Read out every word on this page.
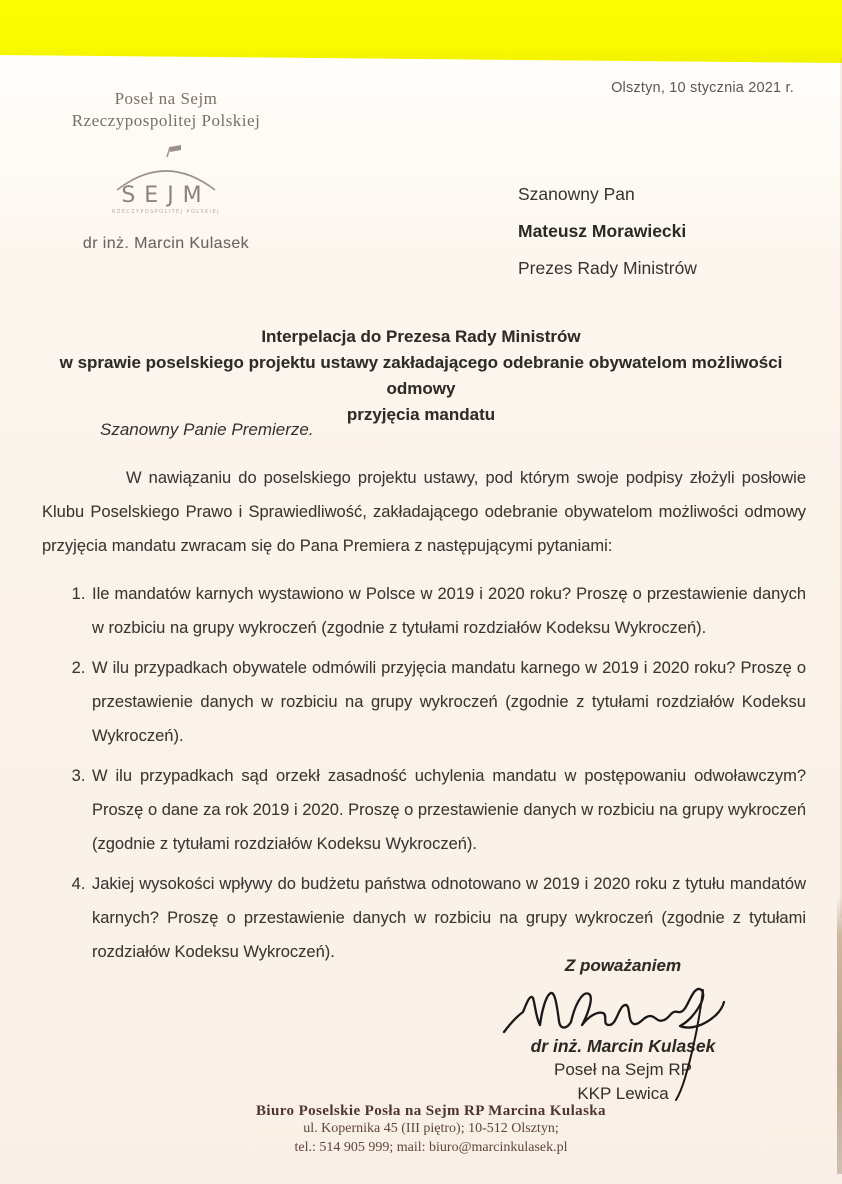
Poseł na Sejm
Rzeczypospolitej Polskiej
SEJM
RZECZYPOSPOLITEJ POLSKIEJ
dr inż. Marcin Kulasek
Olsztyn, 10 stycznia 2021 r.
Szanowny Pan
Mateusz Morawiecki
Prezes Rady Ministrów
Interpelacja do Prezesa Rady Ministrów
w sprawie poselskiego projektu ustawy zakładającego odebranie obywatelom możliwości odmowy
przyjęcia mandatu
Szanowny Panie Premierze.
W nawiązaniu do poselskiego projektu ustawy, pod którym swoje podpisy złożyli posłowie Klubu Poselskiego Prawo i Sprawiedliwość, zakładającego odebranie obywatelom możliwości odmowy przyjęcia mandatu zwracam się do Pana Premiera z następującymi pytaniami:
1. Ile mandatów karnych wystawiono w Polsce w 2019 i 2020 roku? Proszę o przestawienie danych w rozbiciu na grupy wykroczeń (zgodnie z tytułami rozdziałów Kodeksu Wykroczeń).
2. W ilu przypadkach obywatele odmówili przyjęcia mandatu karnego w 2019 i 2020 roku? Proszę o przestawienie danych w rozbiciu na grupy wykroczeń (zgodnie z tytułami rozdziałów Kodeksu Wykroczeń).
3. W ilu przypadkach sąd orzekł zasadność uchylenia mandatu w postępowaniu odwoławczym? Proszę o dane za rok 2019 i 2020. Proszę o przestawienie danych w rozbiciu na grupy wykroczeń (zgodnie z tytułami rozdziałów Kodeksu Wykroczeń).
4. Jakiej wysokości wpływy do budżetu państwa odnotowano w 2019 i 2020 roku z tytułu mandatów karnych? Proszę o przestawienie danych w rozbiciu na grupy wykroczeń (zgodnie z tytułami rozdziałów Kodeksu Wykroczeń).
Z poważaniem
dr inż. Marcin Kulasek
Poseł na Sejm RP
KKP Lewica
Biuro Poselskie Posła na Sejm RP Marcina Kulaska
ul. Kopernika 45 (III piętro); 10-512 Olsztyn;
tel.: 514 905 999; mail: biuro@marcinkulasek.pl
